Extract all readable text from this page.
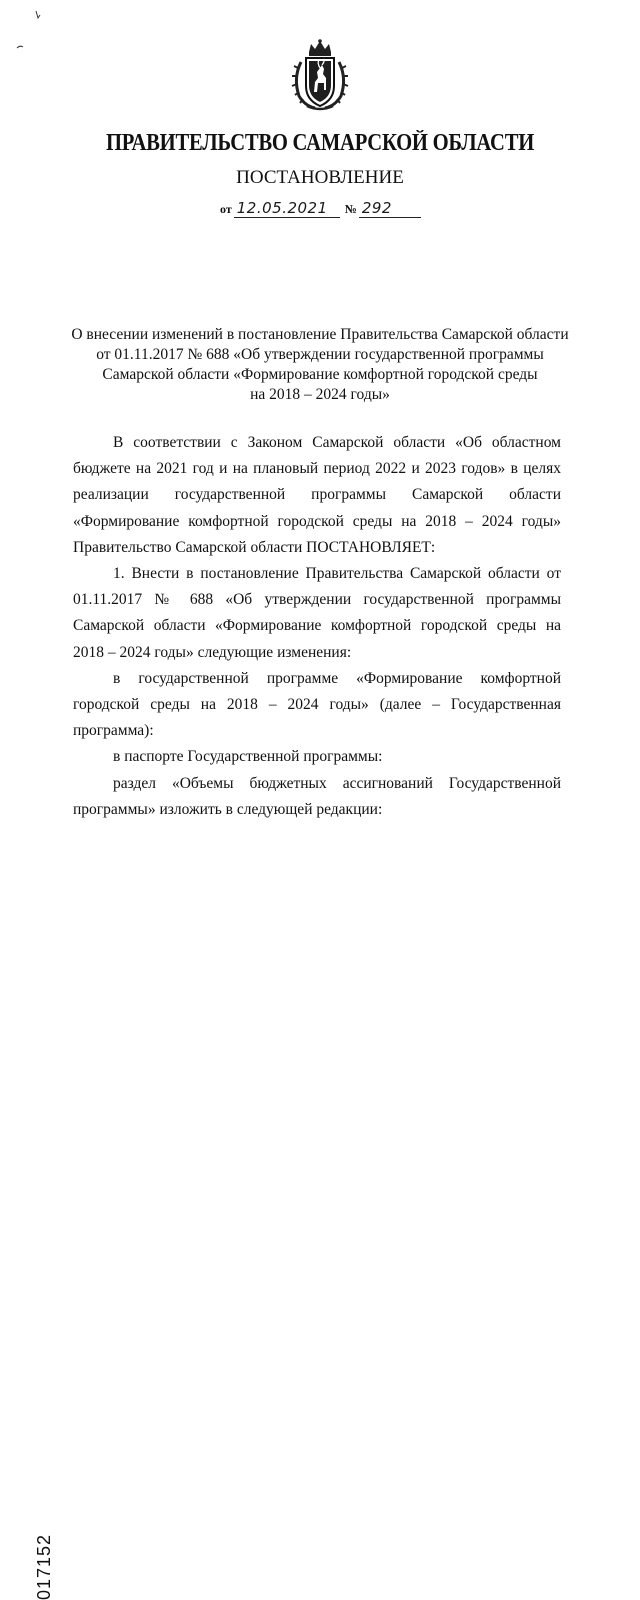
ПРАВИТЕЛЬСТВО САМАРСКОЙ ОБЛАСТИ
ПОСТАНОВЛЕНИЕ
от 12.05.2021 № 292
О внесении изменений в постановление Правительства Самарской области
от 01.11.2017 № 688 «Об утверждении государственной программы
Самарской области «Формирование комфортной городской среды
на 2018 – 2024 годы»

В соответствии с Законом Самарской области «Об областном бюджете на 2021 год и на плановый период 2022 и 2023 годов» в целях реализации государственной программы Самарской области «Формирование комфортной городской среды на 2018 – 2024 годы» Правительство Самарской области ПОСТАНОВЛЯЕТ:

1. Внести в постановление Правительства Самарской области от 01.11.2017 № 688 «Об утверждении государственной программы Самарской области «Формирование комфортной городской среды на 2018 – 2024 годы» следующие изменения:

в государственной программе «Формирование комфортной городской среды на 2018 – 2024 годы» (далее – Государственная программа):

в паспорте Государственной программы:

раздел «Объемы бюджетных ассигнований Государственной программы» изложить в следующей редакции:

017152
